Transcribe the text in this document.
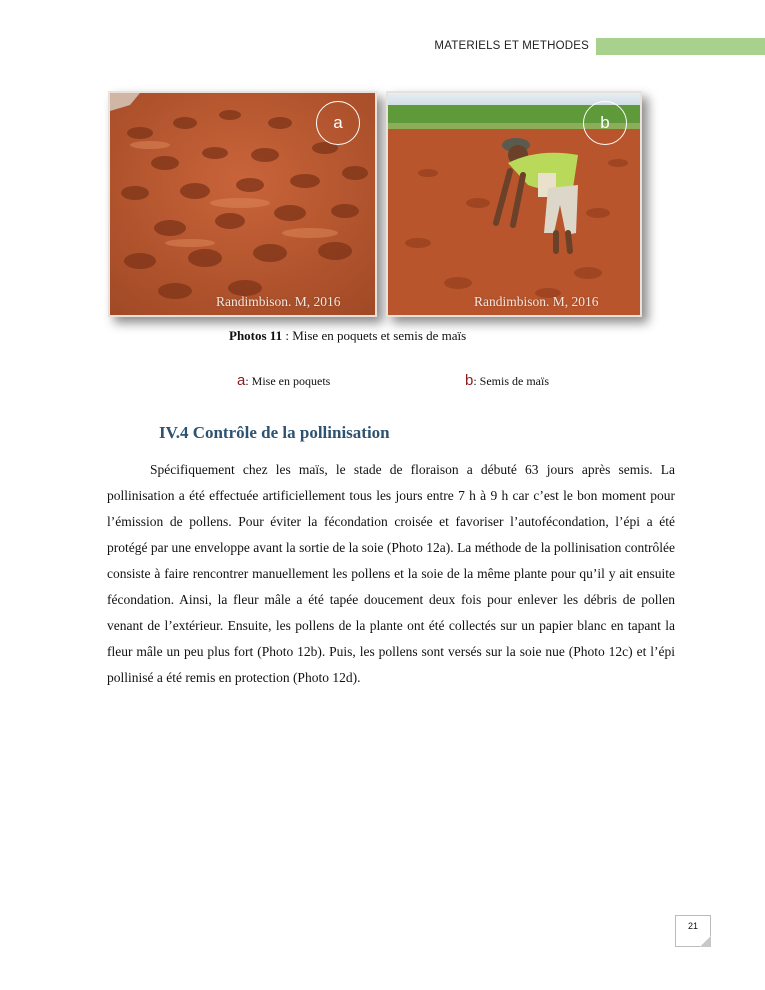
MATERIELS ET METHODES
a
Randimbison. M, 2016
b
Randimbison. M, 2016
Photos 11 : Mise en poquets et semis de maïs
a: Mise en poquets	b: Semis de maïs
IV.4 Contrôle de la pollinisation

Spécifiquement chez les maïs, le stade de floraison a débuté 63 jours après semis. La pollinisation a été effectuée artificiellement tous les jours entre 7 h à 9 h car c’est le bon moment pour l’émission de pollens. Pour éviter la fécondation croisée et favoriser l’autofécondation, l’épi a été protégé par une enveloppe avant la sortie de la soie (Photo 12a). La méthode de la pollinisation contrôlée consiste à faire rencontrer manuellement les pollens et la soie de la même plante pour qu’il y ait ensuite fécondation. Ainsi, la fleur mâle a été tapée doucement deux fois pour enlever les débris de pollen venant de l’extérieur. Ensuite, les pollens de la plante ont été collectés sur un papier blanc en tapant la fleur mâle un peu plus fort (Photo 12b). Puis, les pollens sont versés sur la soie nue (Photo 12c) et l’épi pollinisé a été remis en protection (Photo 12d).

21
